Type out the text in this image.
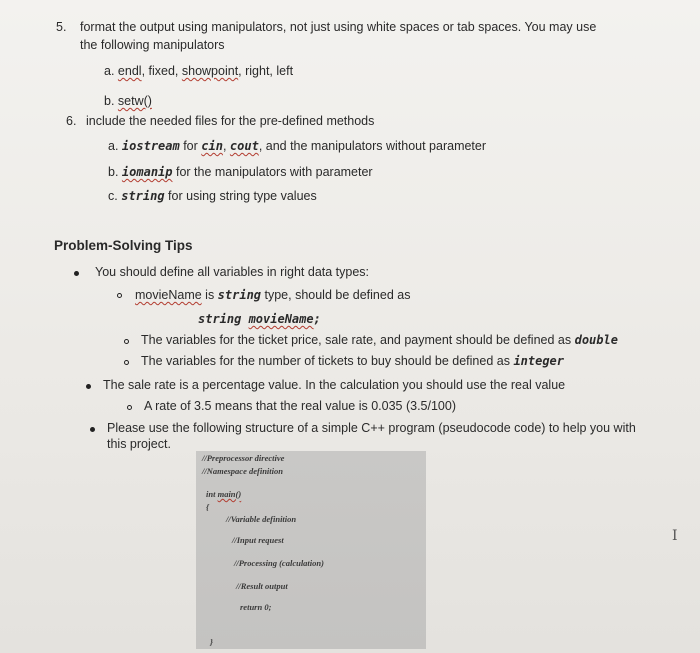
5. format the output using manipulators, not just using white spaces or tab spaces. You may use
the following manipulators
a. endl, fixed, showpoint, right, left
b. setw()
6. include the needed files for the pre-defined methods
a. iostream for cin, cout, and the manipulators without parameter
b. iomanip for the manipulators with parameter
c. string for using string type values
Problem-Solving Tips
You should define all variables in right data types:
movieName is string type, should be defined as
string movieName;
The variables for the ticket price, sale rate, and payment should be defined as double
The variables for the number of tickets to buy should be defined as integer
The sale rate is a percentage value. In the calculation you should use the real value
A rate of 3.5 means that the real value is 0.035 (3.5/100)
Please use the following structure of a simple C++ program (pseudocode code) to help you with
this project.
//Preprocessor directive
//Namespace definition
int main()
{
//Variable definition
//Input request
//Processing (calculation)
//Result output
return 0;
}
I
